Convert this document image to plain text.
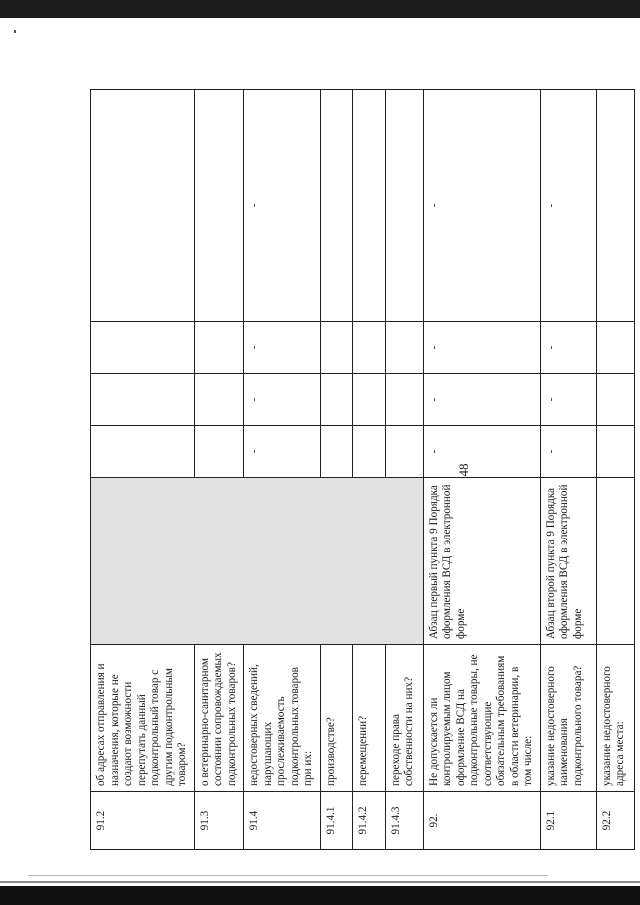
91.2	об адресах отправления и назначения, которые не создают возможности перепутать данный подконтрольный товар с другим подконтрольным товаром?					
91.3	о ветеринарно-санитарном состоянии сопровождаемых подконтрольных товаров?					
91.4	недостоверных сведений, нарушающих прослеживаемость подконтрольных товаров при их:		-	-	-	-

91.4.1	производстве?					
91.4.2	перемещении?					
91.4.3	переходе права собственности на них?					
92.	Не допускается ли контролируемым лицом оформление ВСД на подконтрольные товары, не соответствующие обязательным требованиям в области ветеринарии, в том числе:	Абзац первый пункта 9 Порядка оформления ВСД в электронной форме	-	-	-	-

92.1	указание недостоверного наименования подконтрольного товара?	Абзац второй пункта 9 Порядка оформления ВСД в электронной форме	-	-	-	-

92.2	указание недостоверного адреса места:					
48
